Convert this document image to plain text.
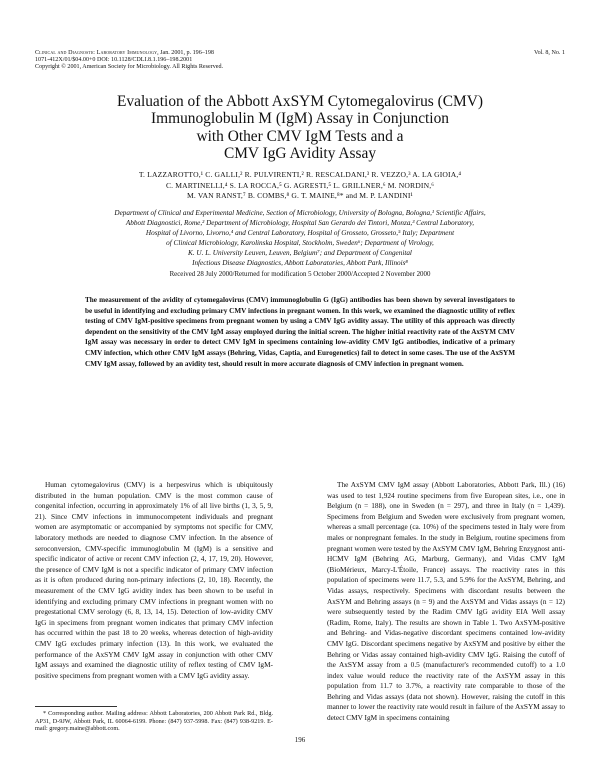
Clinical and Diagnostic Laboratory Immunology, Jan. 2001, p. 196–198	Vol. 8, No. 1
1071-412X/01/$04.00+0 DOI: 10.1128/CDLI.8.1.196–198.2001
Copyright © 2001, American Society for Microbiology. All Rights Reserved.
Evaluation of the Abbott AxSYM Cytomegalovirus (CMV)
Immunoglobulin M (IgM) Assay in Conjunction
with Other CMV IgM Tests and a
CMV IgG Avidity Assay
T. LAZZAROTTO,¹ C. GALLI,² R. PULVIRENTI,² R. RESCALDANI,³ R. VEZZO,³ A. LA GIOIA,⁴
C. MARTINELLI,⁴ S. LA ROCCA,⁵ G. AGRESTI,⁵ L. GRILLNER,⁶ M. NORDIN,⁶
M. VAN RANST,⁷ B. COMBS,⁸ G. T. MAINE,⁸* and M. P. LANDINI¹
Department of Clinical and Experimental Medicine, Section of Microbiology, University of Bologna, Bologna,¹ Scientific Affairs,
Abbott Diagnostici, Rome,² Department of Microbiology, Hospital San Gerardo dei Tintori, Monza,³ Central Laboratory,
Hospital of Livorno, Livorno,⁴ and Central Laboratory, Hospital of Grosseto, Grosseto,⁵ Italy; Department
of Clinical Microbiology, Karolinska Hospital, Stockholm, Sweden⁶; Department of Virology,
K. U. L. University Leuven, Leuven, Belgium⁷; and Department of Congenital
Infectious Disease Diagnostics, Abbott Laboratories, Abbott Park, Illinois⁸
Received 28 July 2000/Returned for modification 5 October 2000/Accepted 2 November 2000
The measurement of the avidity of cytomegalovirus (CMV) immunoglobulin G (IgG) antibodies has been shown by several investigators to be useful in identifying and excluding primary CMV infections in pregnant women. In this work, we examined the diagnostic utility of reflex testing of CMV IgM-positive specimens from pregnant women by using a CMV IgG avidity assay. The utility of this approach was directly dependent on the sensitivity of the CMV IgM assay employed during the initial screen. The higher initial reactivity rate of the AxSYM CMV IgM assay was necessary in order to detect CMV IgM in specimens containing low-avidity CMV IgG antibodies, indicative of a primary CMV infection, which other CMV IgM assays (Behring, Vidas, Captia, and Eurogenetics) fail to detect in some cases. The use of the AxSYM CMV IgM assay, followed by an avidity test, should result in more accurate diagnosis of CMV infection in pregnant women.

Human cytomegalovirus (CMV) is a herpesvirus which is ubiquitously distributed in the human population. CMV is the most common cause of congenital infection, occurring in approximately 1% of all live births (1, 3, 5, 9, 21). Since CMV infections in immunocompetent individuals and pregnant women are asymptomatic or accompanied by symptoms not specific for CMV, laboratory methods are needed to diagnose CMV infection. In the absence of seroconversion, CMV-specific immunoglobulin M (IgM) is a sensitive and specific indicator of active or recent CMV infection (2, 4, 17, 19, 20). However, the presence of CMV IgM is not a specific indicator of primary CMV infection as it is often produced during non-primary infections (2, 10, 18). Recently, the measurement of the CMV IgG avidity index has been shown to be useful in identifying and excluding primary CMV infections in pregnant women with no pregestational CMV serology (6, 8, 13, 14, 15). Detection of low-avidity CMV IgG in specimens from pregnant women indicates that primary CMV infection has occurred within the past 18 to 20 weeks, whereas detection of high-avidity CMV IgG excludes primary infection (13). In this work, we evaluated the performance of the AxSYM CMV IgM assay in conjunction with other CMV IgM assays and examined the diagnostic utility of reflex testing of CMV IgM-positive specimens from pregnant women with a CMV IgG avidity assay.

The AxSYM CMV IgM assay (Abbott Laboratories, Abbott Park, Ill.) (16) was used to test 1,924 routine specimens from five European sites, i.e., one in Belgium (n = 188), one in Sweden (n = 297), and three in Italy (n = 1,439). Specimens from Belgium and Sweden were exclusively from pregnant women, whereas a small percentage (ca. 10%) of the specimens tested in Italy were from males or nonpregnant females. In the study in Belgium, routine specimens from pregnant women were tested by the AxSYM CMV IgM, Behring Enzygnost anti-HCMV IgM (Behring AG, Marburg, Germany), and Vidas CMV IgM (BioMérieux, Marcy-L'Étoile, France) assays. The reactivity rates in this population of specimens were 11.7, 5.3, and 5.9% for the AxSYM, Behring, and Vidas assays, respectively. Specimens with discordant results between the AxSYM and Behring assays (n = 9) and the AxSYM and Vidas assays (n = 12) were subsequently tested by the Radim CMV IgG avidity EIA Well assay (Radim, Rome, Italy). The results are shown in Table 1. Two AxSYM-positive and Behring- and Vidas-negative discordant specimens contained low-avidity CMV IgG. Discordant specimens negative by AxSYM and positive by either the Behring or Vidas assay contained high-avidity CMV IgG. Raising the cutoff of the AxSYM assay from a 0.5 (manufacturer's recommended cutoff) to a 1.0 index value would reduce the reactivity rate of the AxSYM assay in this population from 11.7 to 3.7%, a reactivity rate comparable to those of the Behring and Vidas assays (data not shown). However, raising the cutoff in this manner to lower the reactivity rate would result in failure of the AxSYM assay to detect CMV IgM in specimens containing

* Corresponding author. Mailing address: Abbott Laboratories, 200 Abbott Park Rd., Bldg. AP31, D-9JW, Abbott Park, IL 60064-6199. Phone: (847) 937-5998. Fax: (847) 938-9219. E-mail: gregory.maine@abbott.com.
196
